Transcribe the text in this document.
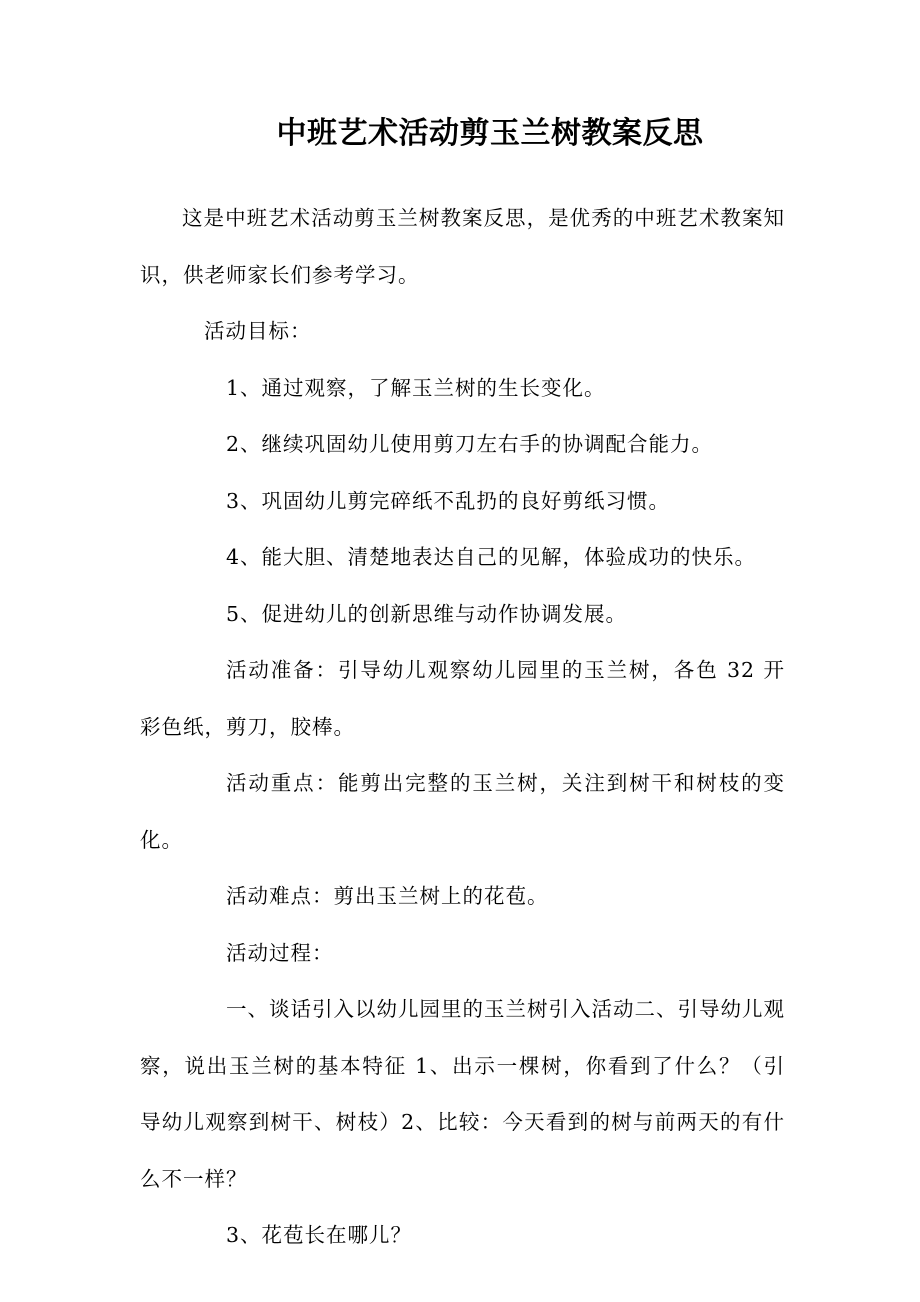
中班艺术活动剪玉兰树教案反思

这是中班艺术活动剪玉兰树教案反思，是优秀的中班艺术教案知识，供老师家长们参考学习。

活动目标：

1、通过观察，了解玉兰树的生长变化。

2、继续巩固幼儿使用剪刀左右手的协调配合能力。

3、巩固幼儿剪完碎纸不乱扔的良好剪纸习惯。

4、能大胆、清楚地表达自己的见解，体验成功的快乐。

5、促进幼儿的创新思维与动作协调发展。

活动准备：引导幼儿观察幼儿园里的玉兰树，各色 32 开彩色纸，剪刀，胶棒。

活动重点：能剪出完整的玉兰树，关注到树干和树枝的变化。

活动难点：剪出玉兰树上的花苞。

活动过程：

一、谈话引入以幼儿园里的玉兰树引入活动二、引导幼儿观察，说出玉兰树的基本特征 1、出示一棵树，你看到了什么？（引导幼儿观察到树干、树枝）2、比较：今天看到的树与前两天的有什么不一样？

3、花苞长在哪儿？
